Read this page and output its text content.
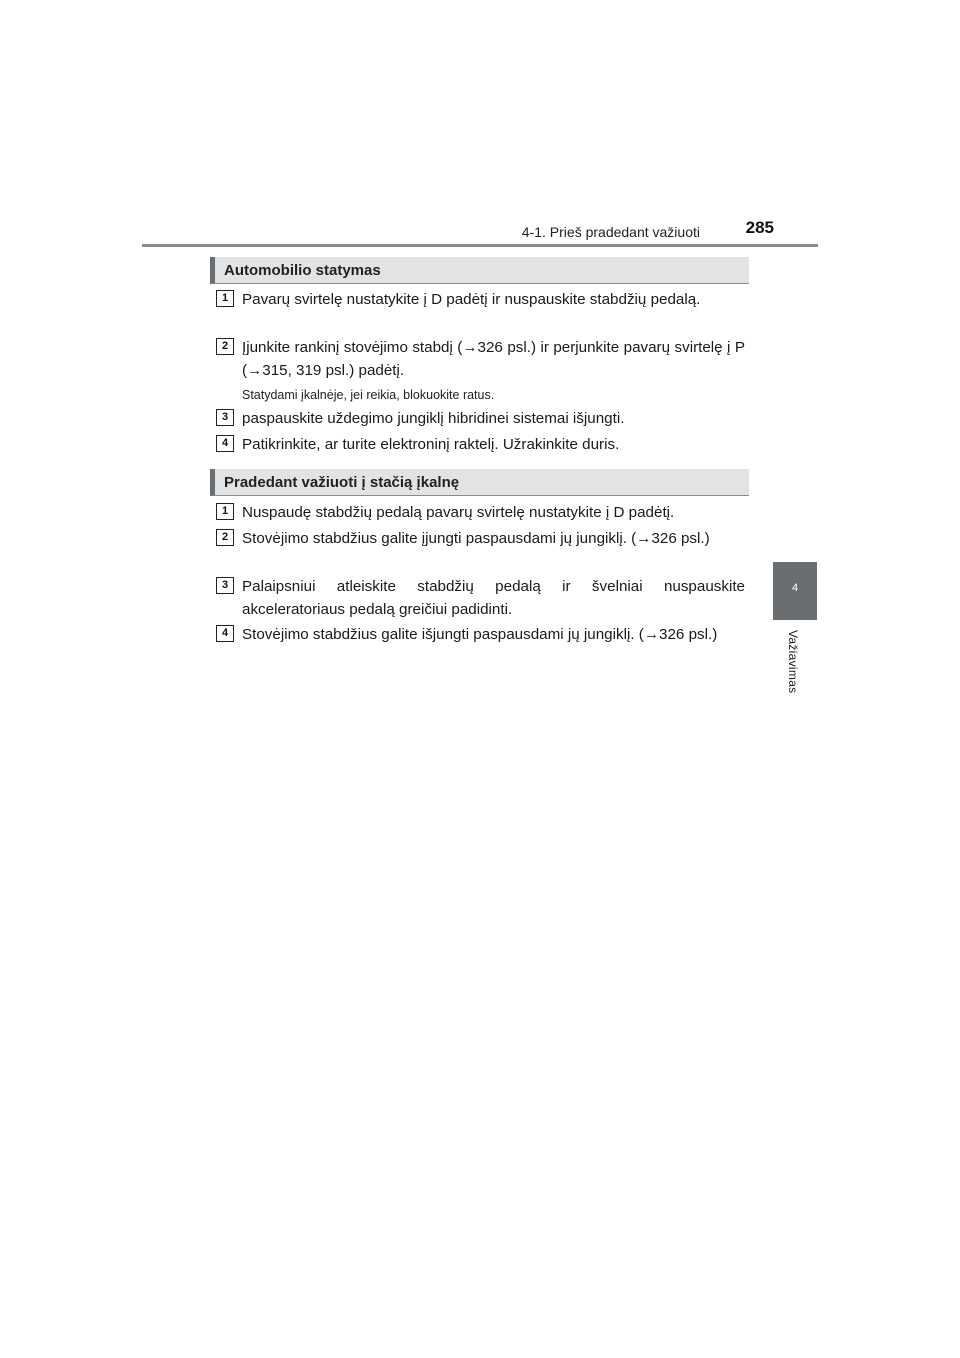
4-1. Prieš pradedant važiuoti	285
4
Važiavimas
Automobilio statymas
1 Pavarų svirtelę nustatykite į D padėtį ir nuspauskite stabdžių pedalą.
2 Įjunkite rankinį stovėjimo stabdį (→326 psl.) ir perjunkite pavarų svirtelę į P (→315, 319 psl.) padėtį.
Statydami įkalnėje, jei reikia, blokuokite ratus.
3 paspauskite uždegimo jungiklį hibridinei sistemai išjungti.
4 Patikrinkite, ar turite elektroninį raktelį. Užrakinkite duris.
Pradedant važiuoti į stačią įkalnę
1 Nuspaudę stabdžių pedalą pavarų svirtelę nustatykite į D padėtį.
2 Stovėjimo stabdžius galite įjungti paspausdami jų jungiklį. (→326 psl.)
3 Palaipsniui atleiskite stabdžių pedalą ir švelniai nuspauskite akceleratoriaus pedalą greičiui padidinti.
4 Stovėjimo stabdžius galite išjungti paspausdami jų jungiklį. (→326 psl.)
